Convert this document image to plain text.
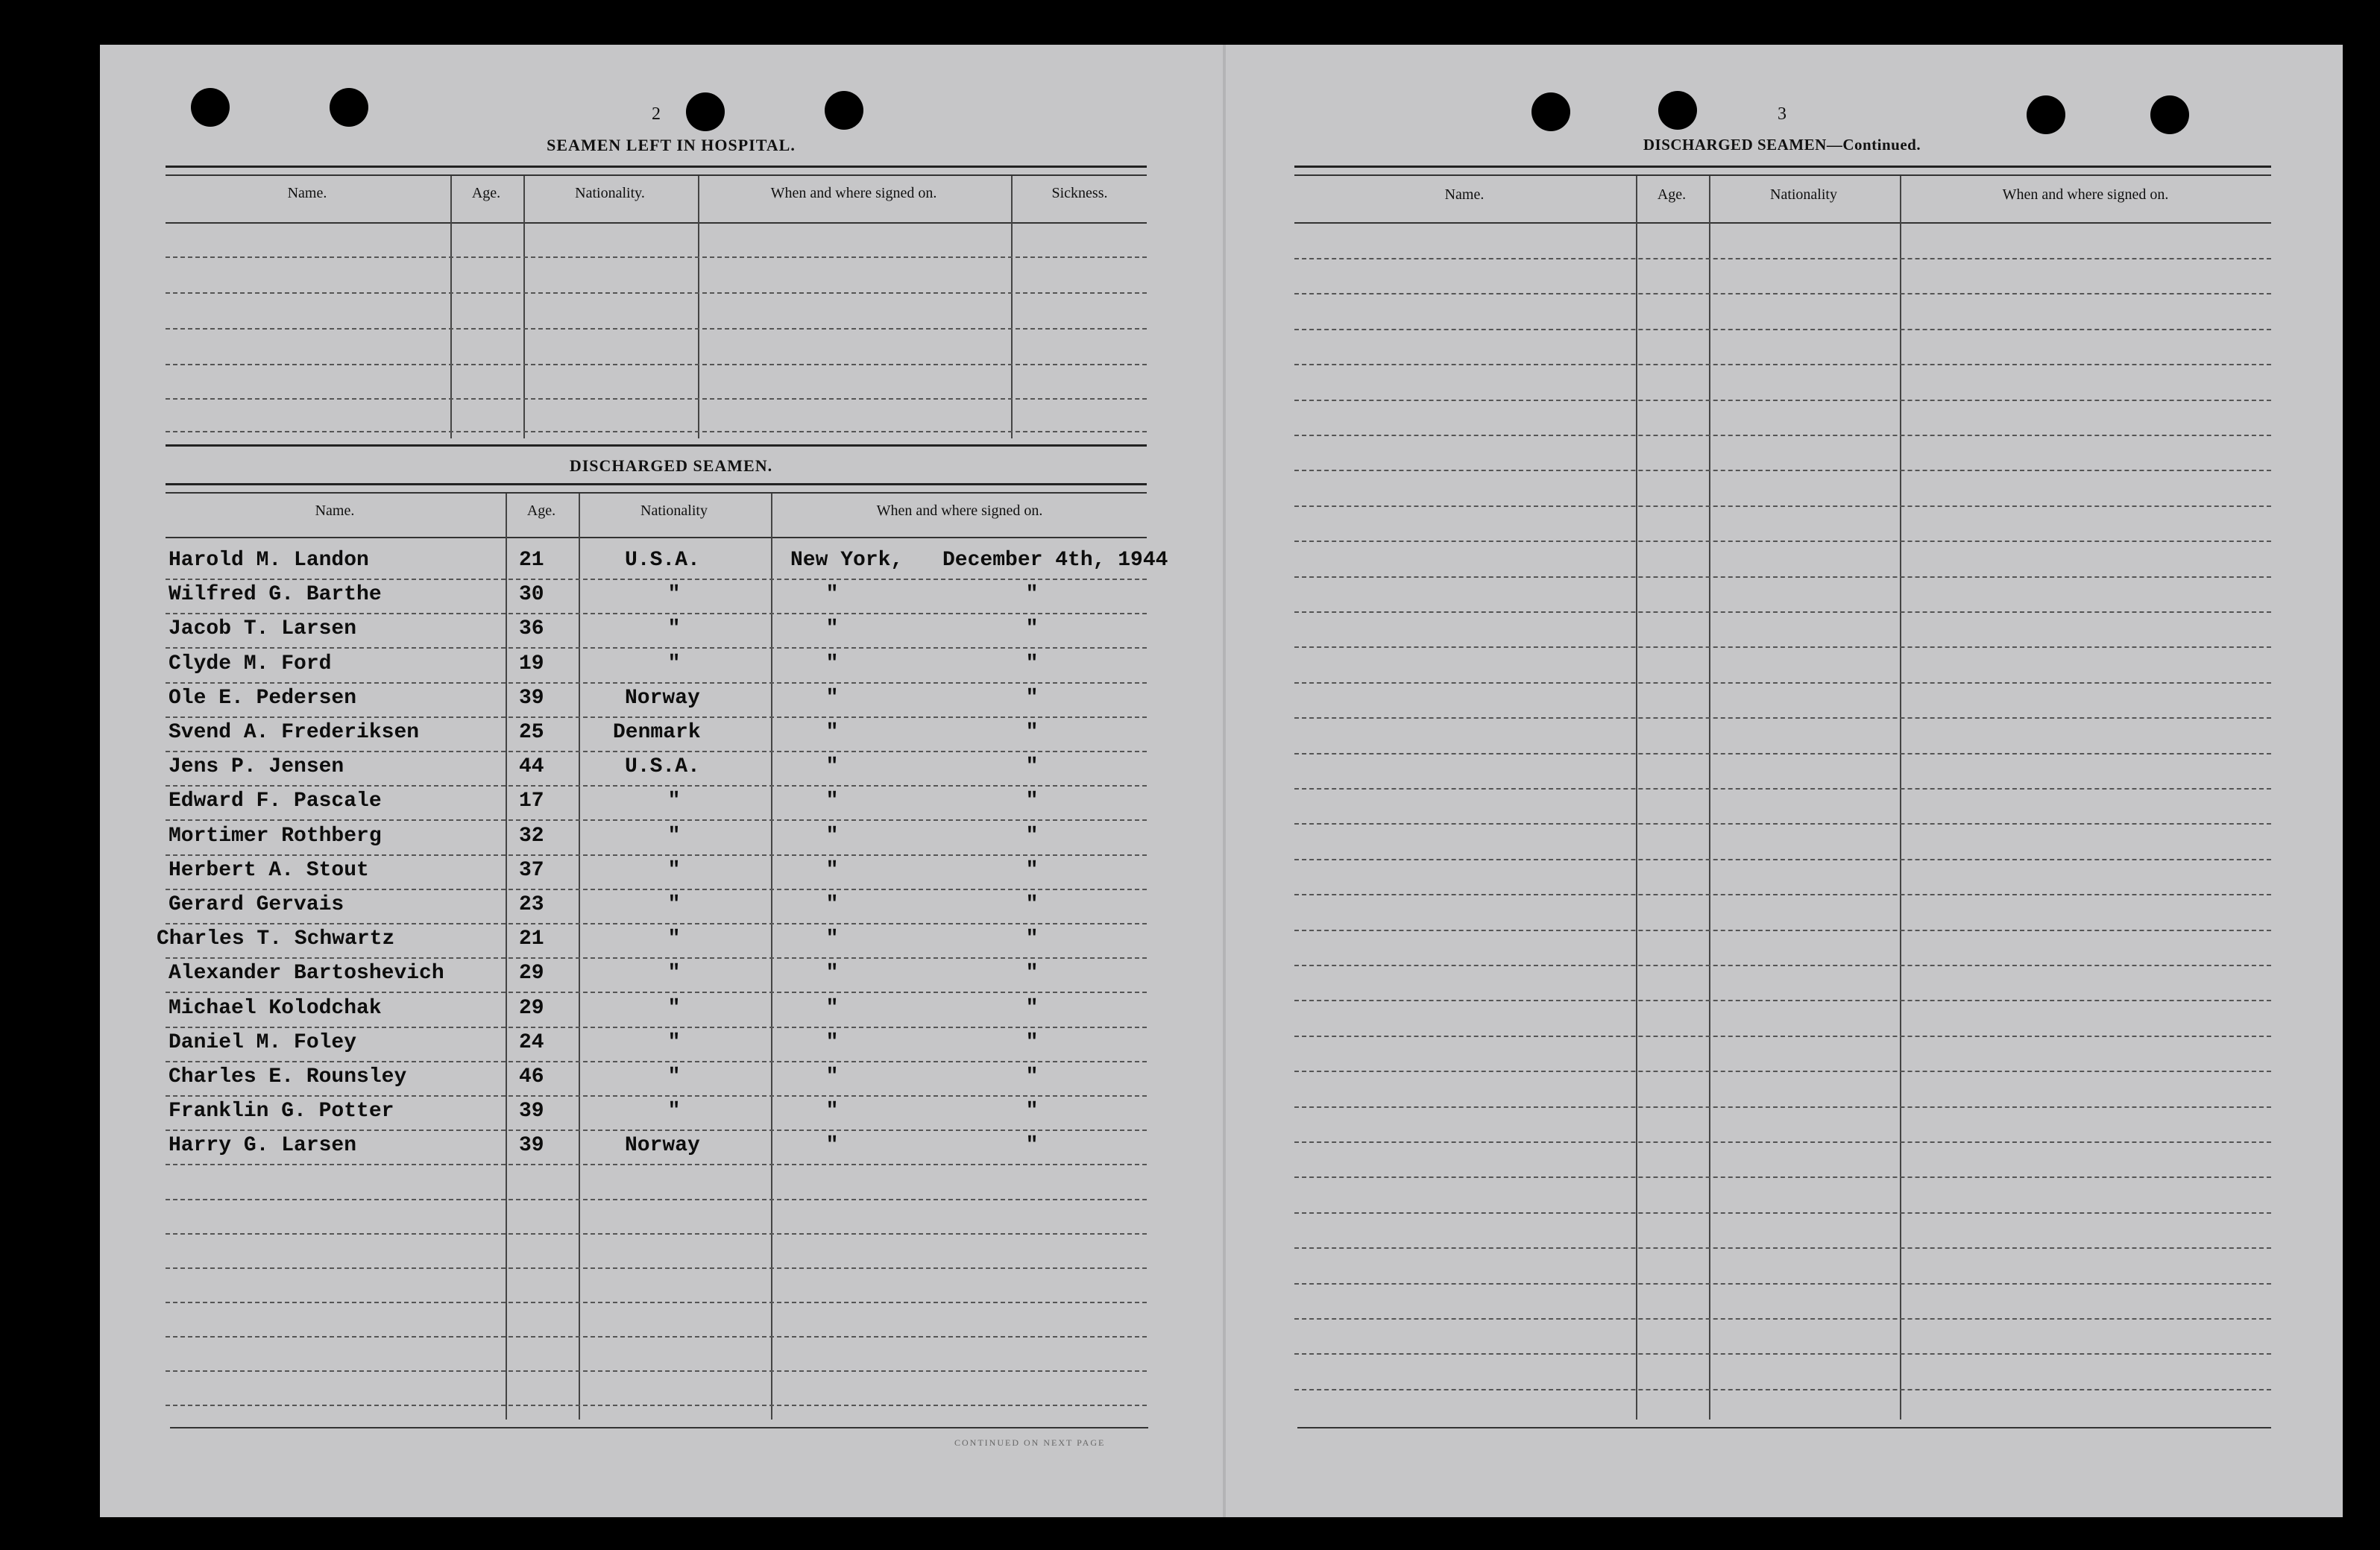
2
SEAMEN LEFT IN HOSPITAL.
Name.	Age.	Nationality.	When and where signed on.	Sickness.
DISCHARGED SEAMEN.
Name.	Age.	Nationality	When and where signed on.
Harold M. Landon	21	U.S.A.	New York, December 4th, 1944
Wilfred G. Barthe	30	"	"	"
Jacob T. Larsen	36	"	"	"
Clyde M. Ford	19	"	"	"
Ole E. Pedersen	39	Norway	"	"
Svend A. Frederiksen	25	Denmark	"	"
Jens P. Jensen	44	U.S.A.	"	"
Edward F. Pascale	17	"	"	"
Mortimer Rothberg	32	"	"	"
Herbert A. Stout	37	"	"	"
Gerard Gervais	23	"	"	"
Charles T. Schwartz	21	"	"	"
Alexander Bartoshevich	29	"	"	"
Michael Kolodchak	29	"	"	"
Daniel M. Foley	24	"	"	"
Charles E. Rounsley	46	"	"	"
Franklin G. Potter	39	"	"	"
Harry G. Larsen	39	Norway	"	"
CONTINUED ON NEXT PAGE
3
DISCHARGED SEAMEN—Continued.
Name.	Age.	Nationality	When and where signed on.
